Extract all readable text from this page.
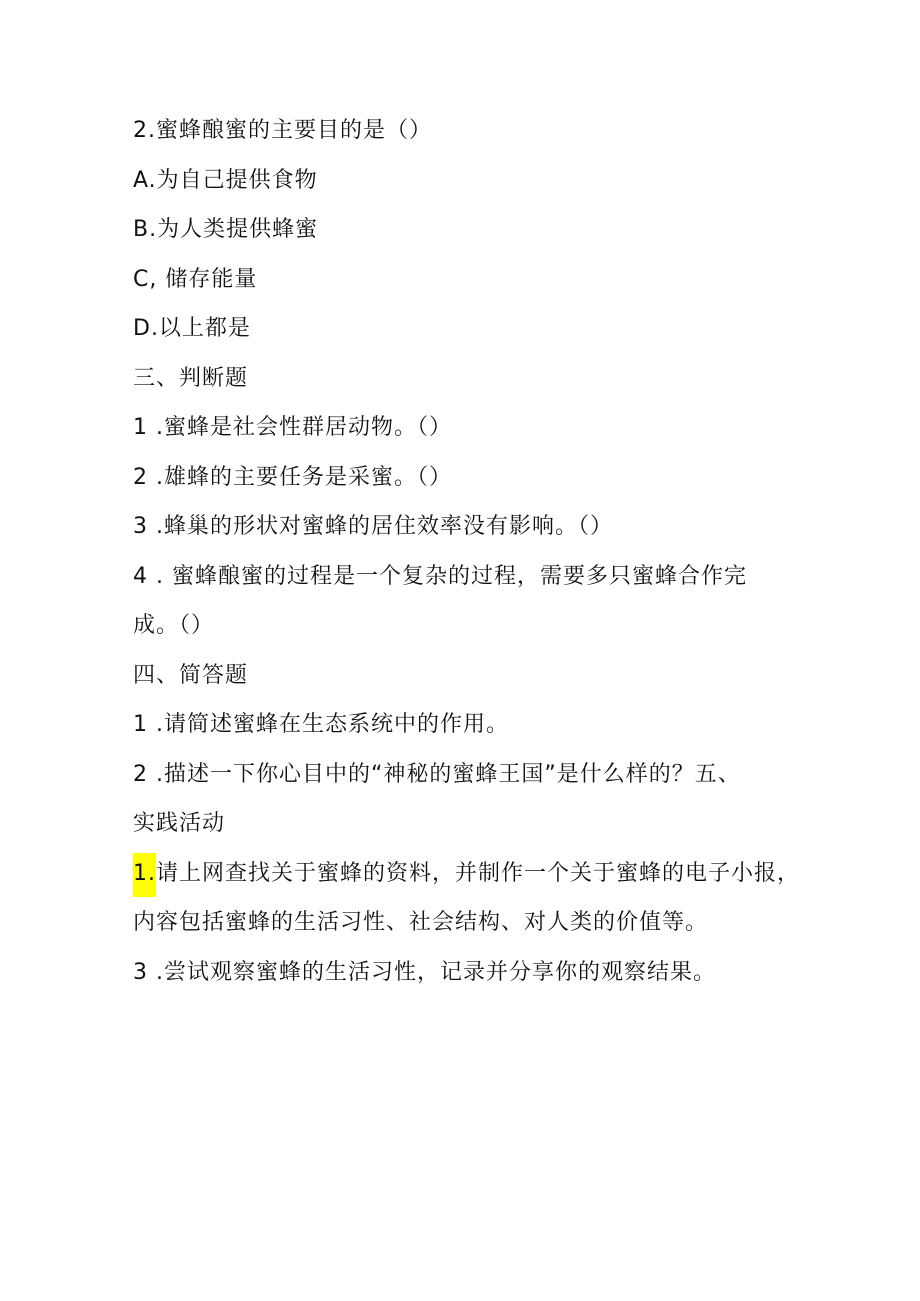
2.蜜蜂酿蜜的主要目的是（）
A.为自己提供食物
B.为人类提供蜂蜜
C, 储存能量
D.以上都是
三、判断题
1 .蜜蜂是社会性群居动物。（）
2 .雄蜂的主要任务是采蜜。（）
3 .蜂巢的形状对蜜蜂的居住效率没有影响。（）
4 . 蜜蜂酿蜜的过程是一个复杂的过程，需要多只蜜蜂合作完
成。（）
四、简答题
1 .请简述蜜蜂在生态系统中的作用。
2 .描述一下你心目中的“神秘的蜜蜂王国”是什么样的？五、
实践活动
1.请上网查找关于蜜蜂的资料，并制作一个关于蜜蜂的电子小报，
内容包括蜜蜂的生活习性、社会结构、对人类的价值等。
3 .尝试观察蜜蜂的生活习性，记录并分享你的观察结果。
